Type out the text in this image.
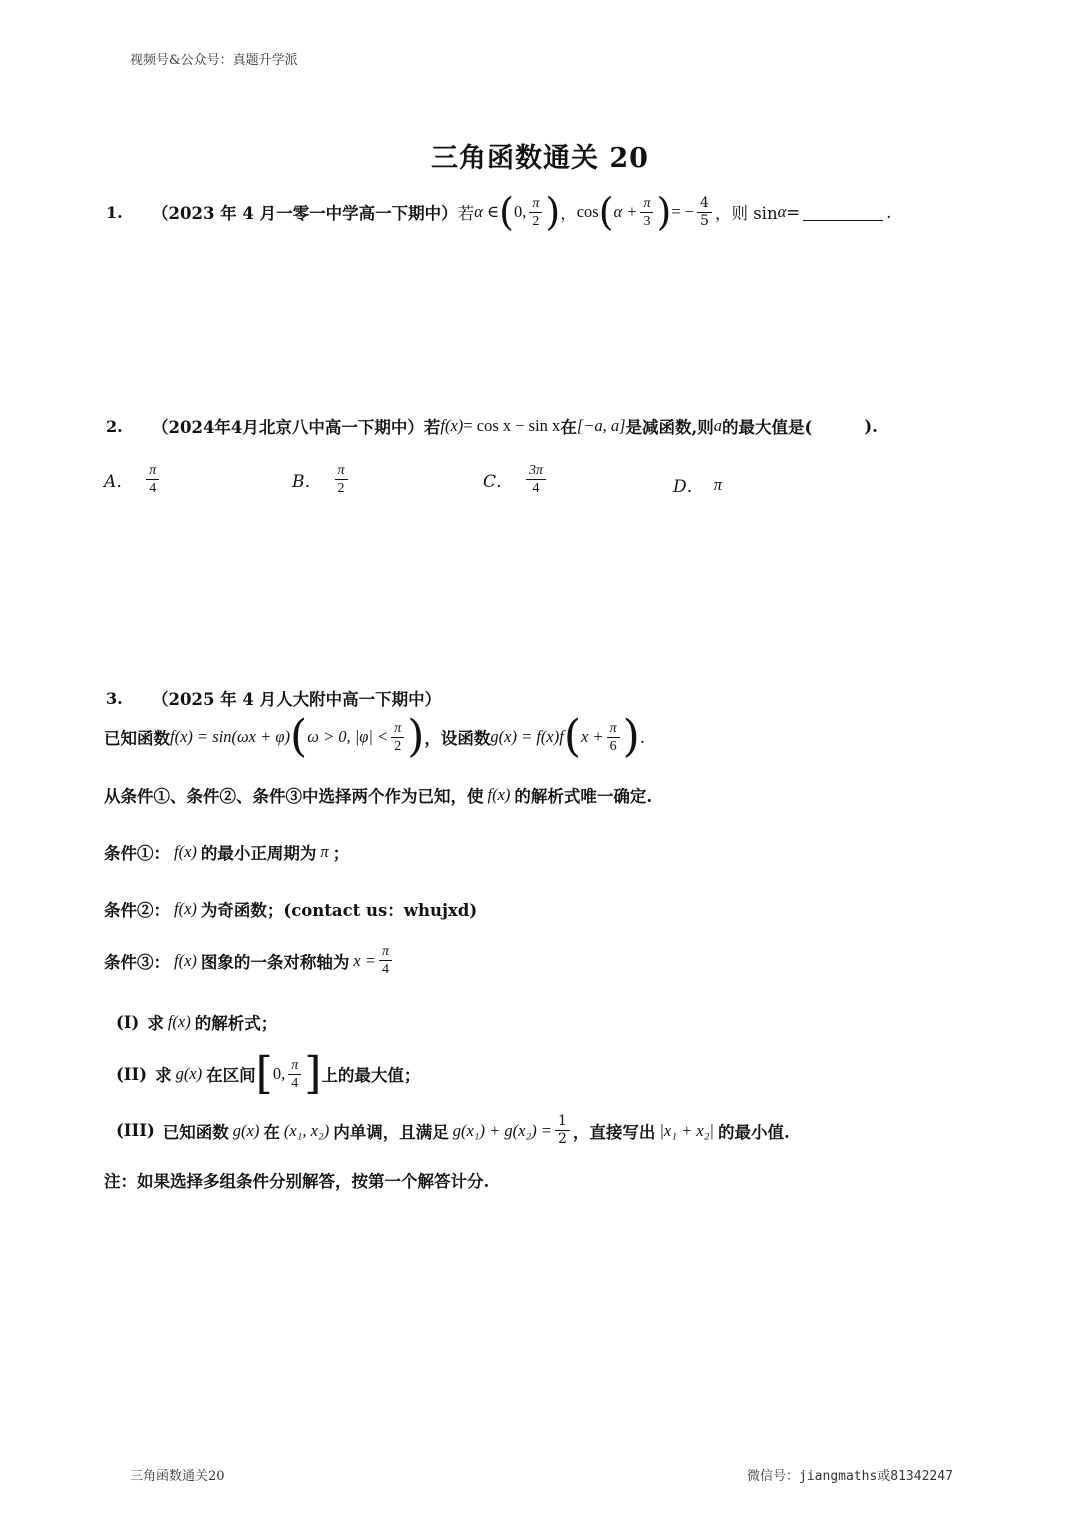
视频号&公众号：真题升学派
三角函数通关 20
1.	（2023 年 4 月一零一中学高一下期中） 若 α ∈ ( 0, $\frac{\pi}{2}$ ) ， cos ( $\alpha + \frac{\pi}{3}$ ) = − $\frac{4}{5}$ ，则 sin α =	.
2.	（2024年4月北京八中高一下期中） 若 f(x) = cos x − sin x 在 [−a, a] 是减函数,则 a 的最大值是(	).
A． $\frac{\pi}{4}$	B． $\frac{\pi}{2}$	C． $\frac{3\pi}{4}$	D． π
3.	（2025 年 4 月人大附中高一下期中）
已知函数 f(x) = sin(ωx + φ) ( ω > 0, $|\varphi| < \frac{\pi}{2}$ ) ，设函数 g(x) = f(x)f ( $x + \frac{\pi}{6}$ ) .
从条件①、条件②、条件③中选择两个作为已知，使 f(x) 的解析式唯一确定.
条件①： f(x) 的最小正周期为 π ；
条件②： f(x) 为奇函数；(contact us：whujxd)
条件③： f(x) 图象的一条对称轴为 $x = \frac{\pi}{4}$
(I) 求 f(x) 的解析式；
(II) 求 g(x) 在区间 [ 0, $\frac{\pi}{4}$ ] 上的最大值；
(III) 已知函数 g(x) 在 (x₁, x₂) 内单调，且满足 $g(x_1) + g(x_2) = \frac{1}{2}$ ，直接写出 |x₁ + x₂| 的最小值.
注：如果选择多组条件分别解答，按第一个解答计分.
三角函数通关20	微信号：jiangmaths或81342247
